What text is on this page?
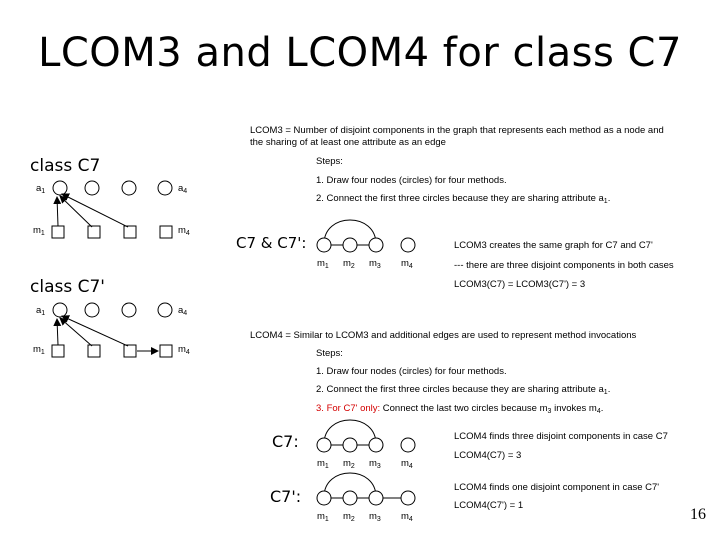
LCOM3 and LCOM4 for class C7
class C7
$a_1$	$a_4$
$m_1$	$m_4$
class C7'
$a_1$	$a_4$
$m_1$	$m_4$
LCOM3 = Number of disjoint components in the graph that represents each method as a node and
the sharing of at least one attribute as an edge
Steps:
1. Draw four nodes (circles) for four methods.
2. Connect the first three circles because they are sharing attribute $a_1$.
C7 & C7':	LCOM3 creates the same graph for C7 and C7'
--- there are three disjoint components in both cases
LCOM3(C7) = LCOM3(C7') = 3
$m_1$ $m_2$ $m_3$ $m_4$
LCOM4 = Similar to LCOM3 and additional edges are used to represent method invocations
Steps:
1. Draw four nodes (circles) for four methods.
2. Connect the first three circles because they are sharing attribute $a_1$.
3. For C7' only: Connect the last two circles because $m_3$ invokes $m_4$.
C7:	LCOM4 finds three disjoint components in case C7
LCOM4(C7) = 3
$m_1$ $m_2$ $m_3$ $m_4$
C7':	LCOM4 finds one disjoint component in case C7'
LCOM4(C7') = 1
$m_1$ $m_2$ $m_3$ $m_4$	16
